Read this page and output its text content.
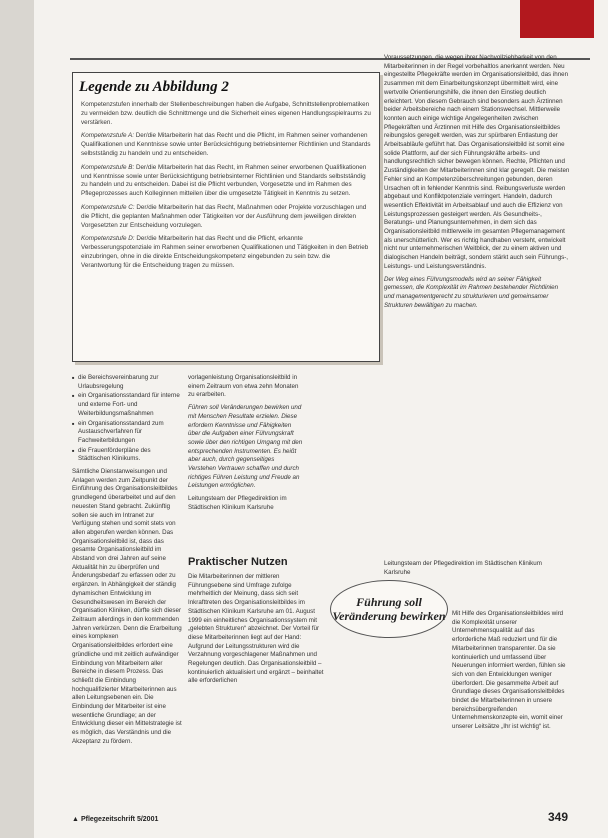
Legende zu Abbildung 2

Kompetenzstufen innerhalb der Stellenbeschreibungen haben die Aufgabe, Schnittstellenproblematiken zu vermeiden bzw. deutlich die Schnittmenge und die Sicherheit eines eigenen Handlungsspielraums zu verstärken.

Kompetenzstufe A: Der/die Mitarbeiterin hat das Recht und die Pflicht, im Rahmen seiner vorhandenen Qualifikationen und Kenntnisse sowie unter Berücksichtigung betriebsinterner Richtlinien und Standards selbstständig zu handeln und zu entscheiden.

Kompetenzstufe B: Der/die Mitarbeiterin hat das Recht, im Rahmen seiner erworbenen Qualifikationen und Kenntnisse sowie unter Berücksichtigung betriebsinterner Richtlinien und Standards selbstständig zu handeln und zu entscheiden. Dabei ist die Pflicht verbunden, Vorgesetzte und im Rahmen des Pflegeprozesses auch Kolleginnen mitteilen über die umgesetzte Tätigkeit in Kenntnis zu setzen.

Kompetenzstufe C: Der/die Mitarbeiterin hat das Recht, Maßnahmen oder Projekte vorzuschlagen und die Pflicht, die geplanten Maßnahmen oder Tätigkeiten vor der Ausführung dem jeweiligen direkten Vorgesetzten zur Entscheidung vorzulegen.

Kompetenzstufe D: Der/die Mitarbeiterin hat das Recht und die Pflicht, erkannte Verbesserungspotenziale im Rahmen seiner erworbenen Qualifikationen und Tätigkeiten in den Betrieb einzubringen, ohne in die direkte Entscheidungskompetenz eingebunden zu sein bzw. die Verantwortung für die Entscheidung tragen zu müssen.

■ die Bereichsvereinbarung zur Urlaubsregelung
■ ein Organisationsstandard für interne und externe Fort- und Weiterbildungsmaßnahmen
■ ein Organisationsstandard zum Austauschverfahren für Fachweiterbildungen
■ die Frauenförderpläne des Städtischen Klinikums.

Sämtliche Dienstanweisungen und Anlagen werden zum Zeitpunkt der Einführung des Organisationsleitbildes grundlegend überarbeitet und auf den neuesten Stand gebracht. Zukünftig sollen sie auch im Intranet zur Verfügung stehen und somit stets von allen abgerufen werden können. Das Organisationsleitbild ist, dass das gesamte Organisationsleitbild im Abstand von drei Jahren auf seine Aktualität hin zu überprüfen und Änderungsbedarf zu erfassen oder zu ergänzen. In Abhängigkeit der ständig dynamischen Entwicklung im Gesundheitswesen im Bereich der Organisation Kliniken, dürfte sich dieser Zeitraum allerdings in den kommenden Jahren verkürzen. Denn die Erarbeitung eines komplexen Organisationsleitbildes erfordert eine gründliche und mit zeitlich aufwändiger Einbindung von Mitarbeitern aller Bereiche in diesem Prozess. Das schließt die Einbindung hochqualifizierter Mitarbeiterinnen aus allen Leitungsebenen ein. Die Einbindung der Mitarbeiter ist eine wesentliche Grundlage; an der Entwicklung dieser ein Mittelstrategie ist es möglich, das Verständnis und die Akzeptanz zu fördern.

vorlagenleistung Organisationsleitbild in einem Zeitraum von etwa zehn Monaten zu erarbeiten.

Führen soll Veränderungen bewirken und mit Menschen Resultate erzielen. Diese erfordern Kenntnisse und Fähigkeiten über die Aufgaben einer Führungskraft sowie über den richtigen Umgang mit den entsprechenden Instrumenten. Es heißt aber auch, durch gegenseitiges Verstehen Vertrauen schaffen und durch richtiges Führen Leistung und Freude an Leistungen ermöglichen.

Leitungsteam der Pflegedirektion im Städtischen Klinikum Karlsruhe

Praktischer Nutzen

Die Mitarbeiterinnen der mittleren Führungsebene sind Umfrage zufolge mehrheitlich der Meinung, dass sich seit Inkrafttreten des Organisationsleitbildes im Städtischen Klinikum Karlsruhe am 01. August 1999 ein einheitliches Organisationssystem mit „gelebten Strukturen“ abzeichnet. Der Vorteil für diese Mitarbeiterinnen liegt auf der Hand: Aufgrund der Leitungsstrukturen wird die Verzahnung vorgeschlagener Maßnahmen und Regelungen deutlich. Das Organisationsleitbild – kontinuierlich aktualisiert und ergänzt – beinhaltet alle erforderlichen

Führung soll Veränderung bewirken

Voraussetzungen, die wegen ihrer Nachvollziehbarkeit von den Mitarbeiterinnen in der Regel vorbehaltlos anerkannt werden. Neu eingestellte Pflegekräfte werden im Organisationsleitbild, das ihnen zusammen mit dem Einarbeitungskonzept übermittelt wird, eine wertvolle Orientierungshilfe, die ihnen den Einstieg deutlich erleichtert. Von diesem Gebrauch sind besonders auch Ärztinnen beider Arbeitsbereiche nach einem Stationswechsel. Mittlerweile konnten auch einige wichtige Angelegenheiten zwischen Pflegekräften und Ärztinnen mit Hilfe des Organisationsleitbildes reibungslos geregelt werden, was zur spürbaren Entlastung der Arbeitsabläufe geführt hat. Das Organisationsleitbild ist somit eine solide Plattform, auf der sich Führungskräfte arbeits- und handlungsrechtlich sicher bewegen können. Rechte, Pflichten und Zuständigkeiten der Mitarbeiterinnen sind klar geregelt. Die meisten Fehler sind an Kompetenzüberschreitungen gebunden, deren Ursachen oft in fehlender Kenntnis sind. Reibungsverluste werden abgebaut und Konfliktpotenziale verringert. Handeln, dadurch wesentlich Effektivität im Arbeitsablauf und auch die Effizienz von Leistungsprozessen gesteigert werden. Als Gesundheits-, Beratungs- und Planungsunternehmen, in dem sich das Organisationsleitbild mittlerweile im gesamten Pflegemanagement als unerschütterlich. Wer es richtig handhaben versteht, entwickelt nicht nur unternehmerischen Weitblick, der zu einem aktiven und dialogischen Handeln beiträgt, sondern stärkt auch sein Führungs-, Leistungs- und Leistungsverständnis.

Der Weg eines Führungsmodells wird an seiner Fähigkeit gemessen, die Komplexität im Rahmen bestehender Richtlinien und managementgerecht zu strukturieren und gemeinsamer Strukturen bewältigen zu machen.

Leitungsteam der Pflegedirektion im Städtischen Klinikum Karlsruhe

Mit Hilfe des Organisationsleitbildes wird die Komplexität unserer Unternehmensqualität auf das erforderliche Maß reduziert und für die Mitarbeiterinnen transparenter. Da sie kontinuierlich und umfassend über Neuerungen informiert werden, fühlen sie sich von den Entwicklungen weniger überfordert. Die gesammelte Arbeit auf Grundlage dieses Organisationsleitbildes bindet die Mitarbeiterinnen in unsere bereichsübergreifenden Unternehmenskonzepte ein, womit einer unserer Leitsätze „Ihr ist wichtig“ ist.

▲ Pflegezeitschrift 5/2001	349
